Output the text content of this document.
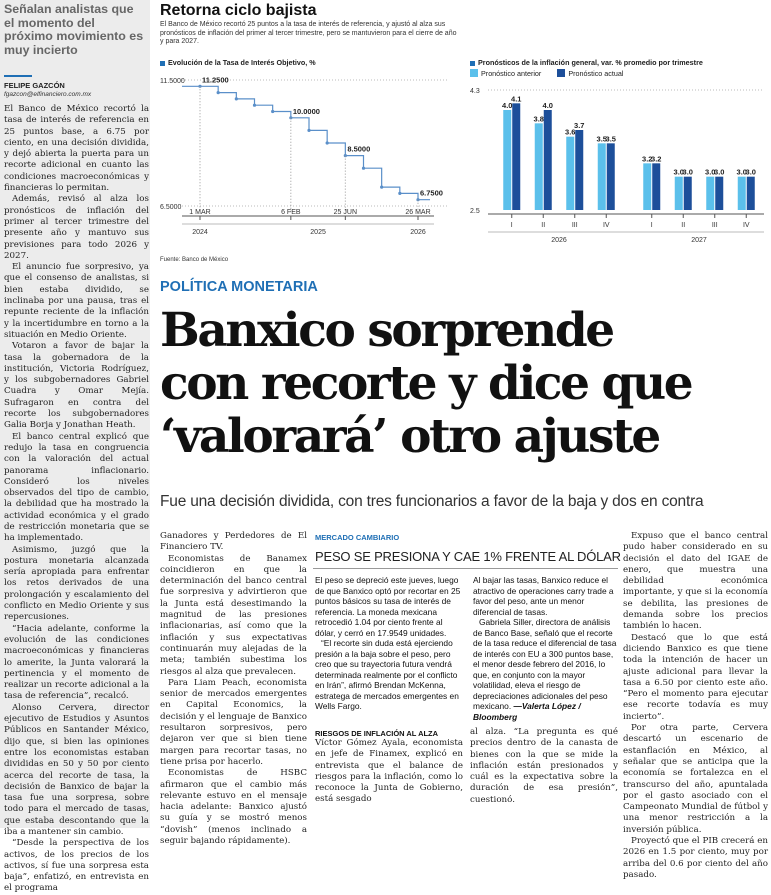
Señalan analistas que el momento del próximo movimiento es muy incierto
FELIPE GAZCÓN
fgazcon@elfinanciero.com.mx

El Banco de México recortó la tasa de interés de referencia en 25 puntos base, a 6.75 por ciento, en una decisión dividida, y dejó abierta la puerta para un recorte adicional en cuanto las condiciones macroeconómicas y financieras lo permitan.

Además, revisó al alza los pronósticos de inflación del primer al tercer trimestre del presente año y mantuvo sus previsiones para todo 2026 y 2027.

El anuncio fue sorpresivo, ya que el consenso de analistas, si bien estaba dividido, se inclinaba por una pausa, tras el repunte reciente de la inflación y la incertidumbre en torno a la situación en Medio Oriente.

Votaron a favor de bajar la tasa la gobernadora de la institución, Victoria Rodríguez, y los subgobernadores Gabriel Cuadra y Omar Mejía. Sufragaron en contra del recorte los subgobernadores Galia Borja y Jonathan Heath.

El banco central explicó que redujo la tasa en congruencia con la valoración del actual panorama inflacionario. Consideró los niveles observados del tipo de cambio, la debilidad que ha mostrado la actividad económica y el grado de restricción monetaria que se ha implementado.

Asimismo, juzgó que la postura monetaria alcanzada sería apropiada para enfrentar los retos derivados de una prolongación y escalamiento del conflicto en Medio Oriente y sus repercusiones.

“Hacia adelante, conforme la evolución de las condiciones macroeconómicas y financieras lo amerite, la Junta valorará la pertinencia y el momento de realizar un recorte adicional a la tasa de referencia”, recalcó.

Alonso Cervera, director ejecutivo de Estudios y Asuntos Públicos en Santander México, dijo que, si bien las opiniones entre los economistas estaban divididas en 50 y 50 por ciento acerca del recorte de tasa, la decisión de Banxico de bajar la tasa fue una sorpresa, sobre todo para el mercado de tasas, que estaba descontando que la iba a mantener sin cambio.

“Desde la perspectiva de los activos, de los precios de los activos, sí fue una sorpresa esta baja”, enfatizó, en entrevista en el programa

Retorna ciclo bajista
El Banco de México recortó 25 puntos a la tasa de interés de referencia, y ajustó al alza sus pronósticos de inflación del primer al tercer trimestre, pero se mantuvieron para el cierre de año y para 2027.
Evolución de la Tasa de Interés Objetivo, %
11.5000
6.5000
11.2500
10.0000
8.5000
6.7500
1 MAR	6 FEB	25 JUN	26 MAR
2024	2025	2026
Pronósticos de la inflación general, var. % promedio por trimestre
Pronóstico anterior	Pronóstico actual
4.3
2.5
4.0
4.1
I
3.8
4.0
II
3.6
3.7
III
3.5
3.5
IV
3.2
3.2
I
3.0
3.0
II
3.0
3.0
III
3.0
3.0
IV
2026	2027
Fuente: Banco de México
POLÍTICA MONETARIA
Banxico sorprende
con recorte y dice que
‘valorará’ otro ajuste
Fue una decisión dividida, con tres funcionarios a favor de la baja y dos en contra

Ganadores y Perdedores de El Financiero TV.

Economistas de Banamex coincidieron en que la determinación del banco central fue sorpresiva y advirtieron que la Junta está desestimando la magnitud de las presiones inflacionarias, así como que la inflación y sus expectativas continuarán muy alejadas de la meta; también subestima los riesgos al alza que prevalecen.

Para Liam Peach, economista senior de mercados emergentes en Capital Economics, la decisión y el lenguaje de Banxico resultaron sorpresivos, pero dejaron ver que si bien tiene margen para recortar tasas, no tiene prisa por hacerlo.

Economistas de HSBC afirmaron que el cambio más relevante estuvo en el mensaje hacia adelante: Banxico ajustó su guía y se mostró menos “dovish” (menos inclinado a seguir bajando rápidamente).

MERCADO CAMBIARIO
PESO SE PRESIONA Y CAE 1% FRENTE AL DÓLAR

El peso se depreció este jueves, luego de que Banxico optó por recortar en 25 puntos básicos su tasa de interés de referencia. La moneda mexicana retrocedió 1.04 por ciento frente al dólar, y cerró en 17.9549 unidades.

“El recorte sin duda está ejerciendo presión a la baja sobre el peso, pero creo que su trayectoria futura vendrá determinada realmente por el conflicto en Irán”, afirmó Brendan McKenna, estratega de mercados emergentes en Wells Fargo.

Al bajar las tasas, Banxico reduce el atractivo de operaciones carry trade a favor del peso, ante un menor diferencial de tasas.

Gabriela Siller, directora de análisis de Banco Base, señaló que el recorte de la tasa reduce el diferencial de tasa de interés con EU a 300 puntos base, el menor desde febrero del 2016, lo que, en conjunto con la mayor volatilidad, eleva el riesgo de depreciaciones adicionales del peso mexicano. —Valerta López / Bloomberg

RIESGOS DE INFLACIÓN AL ALZA
Víctor Gómez Ayala, economista en jefe de Finamex, explicó en entrevista que el balance de riesgos para la inflación, como lo reconoce la Junta de Gobierno, está sesgado
al alza. “La pregunta es qué precios dentro de la canasta de bienes con la que se mide la inflación están presionados y cuál es la expectativa sobre la duración de esa presión”, cuestionó.

Expuso que el banco central pudo haber considerado en su decisión el dato del IGAE de enero, que muestra una debilidad económica importante, y que si la economía se debilita, las presiones de demanda sobre los precios también lo hacen.

Destacó que lo que está diciendo Banxico es que tiene toda la intención de hacer un ajuste adicional para llevar la tasa a 6.50 por ciento este año. “Pero el momento para ejecutar ese recorte todavía es muy incierto”.

Por otra parte, Cervera descartó un escenario de estanflación en México, al señalar que se anticipa que la economía se fortalezca en el transcurso del año, apuntalada por el gasto asociado con el Campeonato Mundial de fútbol y una menor restricción a la inversión pública.

Proyectó que el PIB crecerá en 2026 en 1.5 por ciento, muy por arriba del 0.6 por ciento del año pasado.
